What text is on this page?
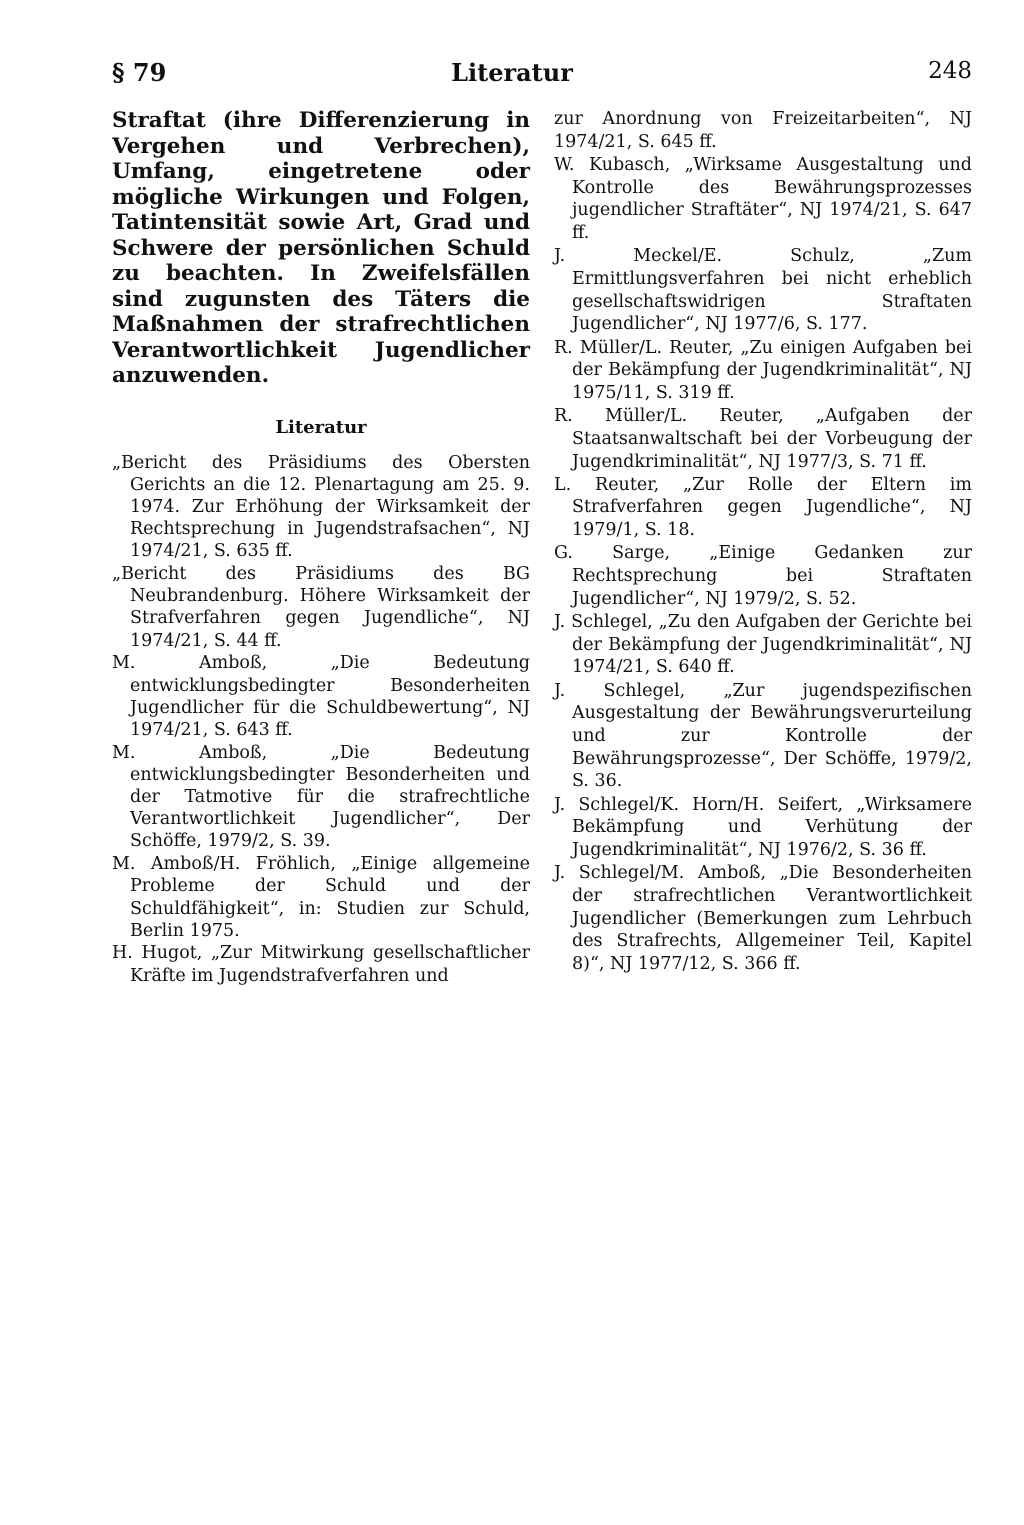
§ 79	Literatur	248

Straftat (ihre Differenzierung in Vergehen und Verbrechen), Umfang, eingetretene oder mögliche Wirkungen und Folgen, Tatintensität sowie Art, Grad und Schwere der persönlichen Schuld zu beachten. In Zweifelsfällen sind zugunsten des Täters die Maßnahmen der strafrechtlichen Verantwortlichkeit Jugendlicher anzuwenden.

Literatur

„Bericht des Präsidiums des Obersten Gerichts an die 12. Plenartagung am 25. 9. 1974. Zur Erhöhung der Wirksamkeit der Rechtsprechung in Jugendstrafsachen“, NJ 1974/21, S. 635 ff.

„Bericht des Präsidiums des BG Neubrandenburg. Höhere Wirksamkeit der Strafverfahren gegen Jugendliche“, NJ 1974/21, S. 44 ff.

M. Amboß, „Die Bedeutung entwicklungsbedingter Besonderheiten Jugendlicher für die Schuldbewertung“, NJ 1974/21, S. 643 ff.

M. Amboß, „Die Bedeutung entwicklungsbedingter Besonderheiten und der Tatmotive für die strafrechtliche Verantwortlichkeit Jugendlicher“, Der Schöffe, 1979/2, S. 39.

M. Amboß/H. Fröhlich, „Einige allgemeine Probleme der Schuld und der Schuldfähigkeit“, in: Studien zur Schuld, Berlin 1975.

H. Hugot, „Zur Mitwirkung gesellschaftlicher Kräfte im Jugendstrafverfahren und

zur Anordnung von Freizeitarbeiten“, NJ 1974/21, S. 645 ff.

W. Kubasch, „Wirksame Ausgestaltung und Kontrolle des Bewährungsprozesses jugendlicher Straftäter“, NJ 1974/21, S. 647 ff.

J. Meckel/E. Schulz, „Zum Ermittlungsverfahren bei nicht erheblich gesellschaftswidrigen Straftaten Jugendlicher“, NJ 1977/6, S. 177.

R. Müller/L. Reuter, „Zu einigen Aufgaben bei der Bekämpfung der Jugendkriminalität“, NJ 1975/11, S. 319 ff.

R. Müller/L. Reuter, „Aufgaben der Staatsanwaltschaft bei der Vorbeugung der Jugendkriminalität“, NJ 1977/3, S. 71 ff.

L. Reuter, „Zur Rolle der Eltern im Strafverfahren gegen Jugendliche“, NJ 1979/1, S. 18.

G. Sarge, „Einige Gedanken zur Rechtsprechung bei Straftaten Jugendlicher“, NJ 1979/2, S. 52.

J. Schlegel, „Zu den Aufgaben der Gerichte bei der Bekämpfung der Jugendkriminalität“, NJ 1974/21, S. 640 ff.

J. Schlegel, „Zur jugendspezifischen Ausgestaltung der Bewährungsverurteilung und zur Kontrolle der Bewährungsprozesse“, Der Schöffe, 1979/2, S. 36.

J. Schlegel/K. Horn/H. Seifert, „Wirksamere Bekämpfung und Verhütung der Jugendkriminalität“, NJ 1976/2, S. 36 ff.

J. Schlegel/M. Amboß, „Die Besonderheiten der strafrechtlichen Verantwortlichkeit Jugendlicher (Bemerkungen zum Lehrbuch des Strafrechts, Allgemeiner Teil, Kapitel 8)“, NJ 1977/12, S. 366 ff.
